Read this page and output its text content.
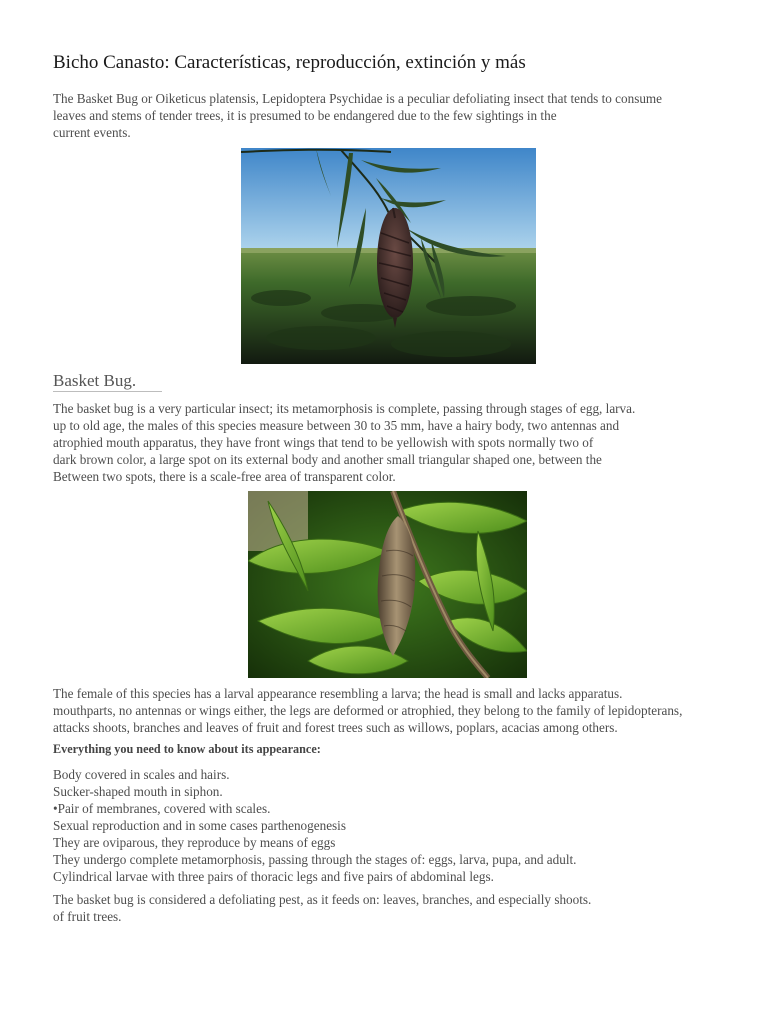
Bicho Canasto: Características, reproducción, extinción y más

The Basket Bug or Oiketicus platensis, Lepidoptera Psychidae is a peculiar defoliating insect that tends to consume
leaves and stems of tender trees, it is presumed to be endangered due to the few sightings in the
current events.

Basket Bug.

The basket bug is a very particular insect; its metamorphosis is complete, passing through stages of egg, larva.
up to old age, the males of this species measure between 30 to 35 mm, have a hairy body, two antennas and
atrophied mouth apparatus, they have front wings that tend to be yellowish with spots normally two of
dark brown color, a large spot on its external body and another small triangular shaped one, between the
Between two spots, there is a scale-free area of transparent color.

The female of this species has a larval appearance resembling a larva; the head is small and lacks apparatus.
mouthparts, no antennas or wings either, the legs are deformed or atrophied, they belong to the family of lepidopterans,
attacks shoots, branches and leaves of fruit and forest trees such as willows, poplars, acacias among others.

Everything you need to know about its appearance:

Body covered in scales and hairs.
Sucker-shaped mouth in siphon.
•Pair of membranes, covered with scales.
Sexual reproduction and in some cases parthenogenesis
They are oviparous, they reproduce by means of eggs
They undergo complete metamorphosis, passing through the stages of: eggs, larva, pupa, and adult.
Cylindrical larvae with three pairs of thoracic legs and five pairs of abdominal legs.

The basket bug is considered a defoliating pest, as it feeds on: leaves, branches, and especially shoots.
of fruit trees.
